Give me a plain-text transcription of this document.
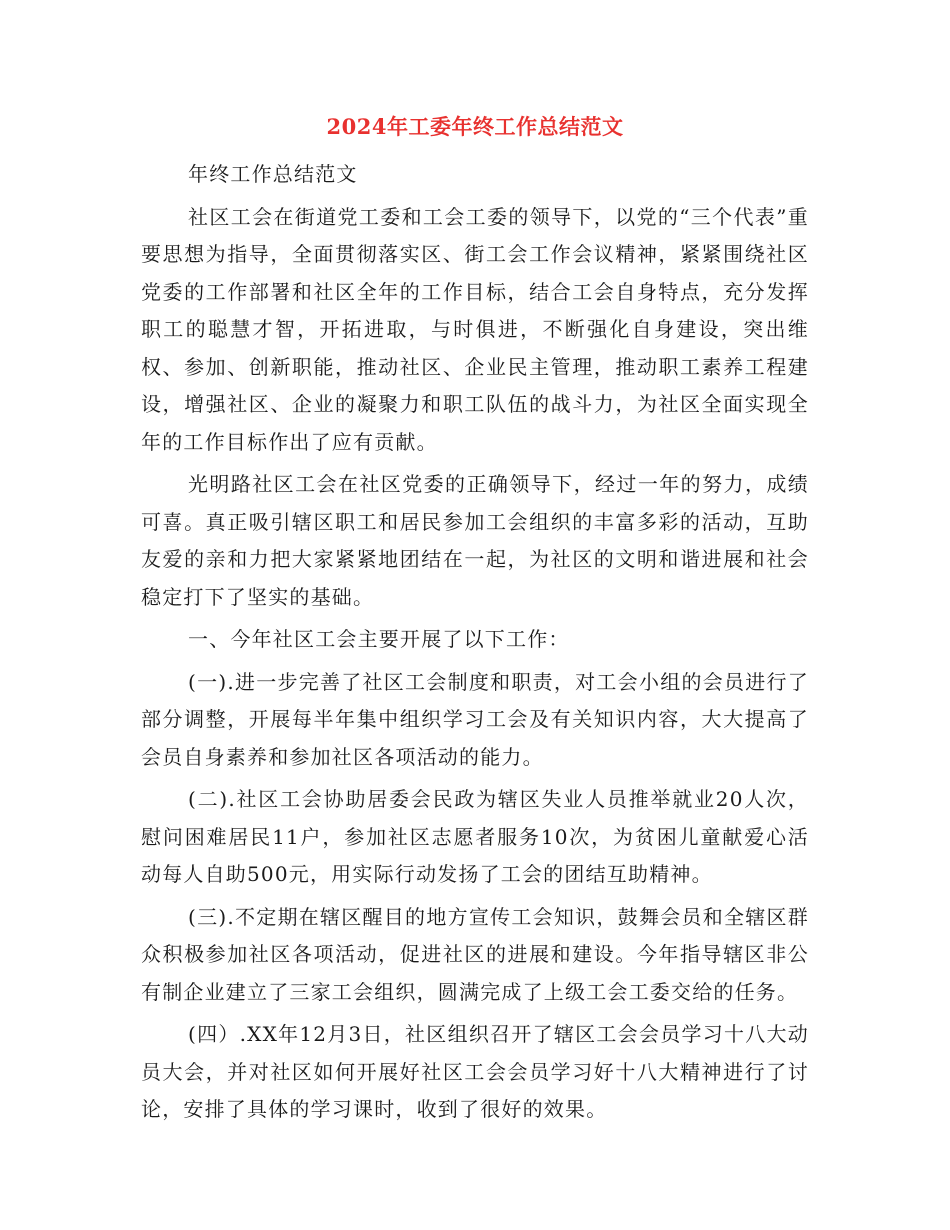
2024年工委年终工作总结范文

年终工作总结范文

社区工会在街道党工委和工会工委的领导下，以党的“三个代表”重要思想为指导，全面贯彻落实区、街工会工作会议精神，紧紧围绕社区党委的工作部署和社区全年的工作目标，结合工会自身特点，充分发挥职工的聪慧才智，开拓进取，与时俱进，不断强化自身建设，突出维权、参加、创新职能，推动社区、企业民主管理，推动职工素养工程建设，增强社区、企业的凝聚力和职工队伍的战斗力，为社区全面实现全年的工作目标作出了应有贡献。

光明路社区工会在社区党委的正确领导下，经过一年的努力，成绩可喜。真正吸引辖区职工和居民参加工会组织的丰富多彩的活动，互助友爱的亲和力把大家紧紧地团结在一起，为社区的文明和谐进展和社会稳定打下了坚实的基础。

一、今年社区工会主要开展了以下工作：

(一).进一步完善了社区工会制度和职责，对工会小组的会员进行了部分调整，开展每半年集中组织学习工会及有关知识内容，大大提高了会员自身素养和参加社区各项活动的能力。

(二).社区工会协助居委会民政为辖区失业人员推举就业20人次，慰问困难居民11户，参加社区志愿者服务10次，为贫困儿童献爱心活动每人自助500元，用实际行动发扬了工会的团结互助精神。

(三).不定期在辖区醒目的地方宣传工会知识，鼓舞会员和全辖区群众积极参加社区各项活动，促进社区的进展和建设。今年指导辖区非公有制企业建立了三家工会组织，圆满完成了上级工会工委交给的任务。

(四）.XX年12月3日，社区组织召开了辖区工会会员学习十八大动员大会，并对社区如何开展好社区工会会员学习好十八大精神进行了讨论，安排了具体的学习课时，收到了很好的效果。
